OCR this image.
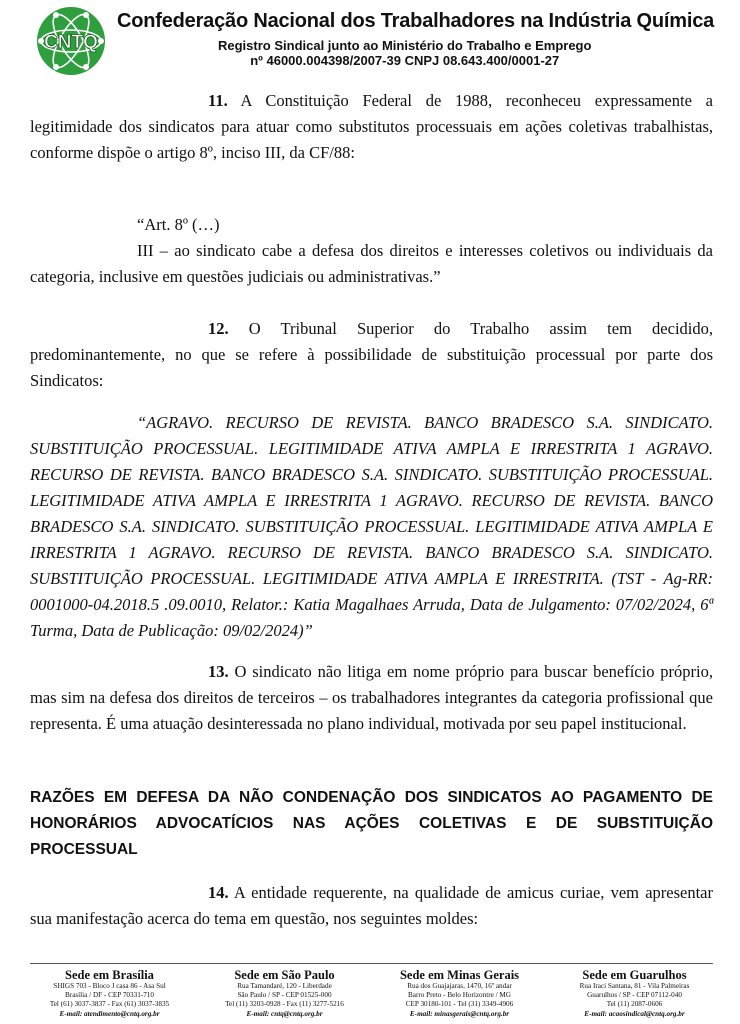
CNTQ
Confederação Nacional dos Trabalhadores na Indústria Química
Registro Sindical junto ao Ministério do Trabalho e Emprego
nº 46000.004398/2007-39 CNPJ 08.643.400/0001-27

11. A Constituição Federal de 1988, reconheceu expressamente a legitimidade dos sindicatos para atuar como substitutos processuais em ações coletivas trabalhistas, conforme dispõe o artigo 8º, inciso III, da CF/88:

“Art. 8º (…)

III – ao sindicato cabe a defesa dos direitos e interesses coletivos ou individuais da categoria, inclusive em questões judiciais ou administrativas.”

12. O Tribunal Superior do Trabalho assim tem decidido, predominantemente, no que se refere à possibilidade de substituição processual por parte dos Sindicatos:

“AGRAVO. RECURSO DE REVISTA. BANCO BRADESCO S.A. SINDICATO. SUBSTITUIÇÃO PROCESSUAL. LEGITIMIDADE ATIVA AMPLA E IRRESTRITA 1 AGRAVO. RECURSO DE REVISTA. BANCO BRADESCO S.A. SINDICATO. SUBSTITUIÇÃO PROCESSUAL. LEGITIMIDADE ATIVA AMPLA E IRRESTRITA 1 AGRAVO. RECURSO DE REVISTA. BANCO BRADESCO S.A. SINDICATO. SUBSTITUIÇÃO PROCESSUAL. LEGITIMIDADE ATIVA AMPLA E IRRESTRITA 1 AGRAVO. RECURSO DE REVISTA. BANCO BRADESCO S.A. SINDICATO. SUBSTITUIÇÃO PROCESSUAL. LEGITIMIDADE ATIVA AMPLA E IRRESTRITA. (TST - Ag-RR: 0001000-04.2018.5 .09.0010, Relator.: Katia Magalhaes Arruda, Data de Julgamento: 07/02/2024, 6ª Turma, Data de Publicação: 09/02/2024)”

13. O sindicato não litiga em nome próprio para buscar benefício próprio, mas sim na defesa dos direitos de terceiros – os trabalhadores integrantes da categoria profissional que representa. É uma atuação desinteressada no plano individual, motivada por seu papel institucional.

RAZÕES EM DEFESA DA NÃO CONDENAÇÃO DOS SINDICATOS AO PAGAMENTO DE HONORÁRIOS ADVOCATÍCIOS NAS AÇÕES COLETIVAS E DE SUBSTITUIÇÃO PROCESSUAL

14. A entidade requerente, na qualidade de amicus curiae, vem apresentar sua manifestação acerca do tema em questão, nos seguintes moldes:

Sede em Brasília
SHIGS 703 - Bloco J casa 86 - Asa Sul
Brasília / DF - CEP 70331-710
Tel (61) 3037-3837 - Fax (61) 3037-3835
E-mail: atendimento@cntq.org.br
Sede em São Paulo
Rua Tamandaré, 120 - Liberdade
São Paulo / SP - CEP 01525-000
Tel (11) 3203-0928 - Fax (11) 3277-5216
E-mail: cntq@cntq.org.br
Sede em Minas Gerais
Rua dos Guajajaras, 1470, 16º andar
Barro Preto - Belo Horizontre / MG
CEP 30180-101 - Tel (31) 3349-4906
E-mail: minasgerais@cntq.org.br
Sede em Guarulhos
Rua Iraci Santana, 81 - Vila Palmeiras
Guarulhos / SP - CEP 07112-040
Tel (11) 2087-0606
E-mail: acaosindical@cntq.org.br
